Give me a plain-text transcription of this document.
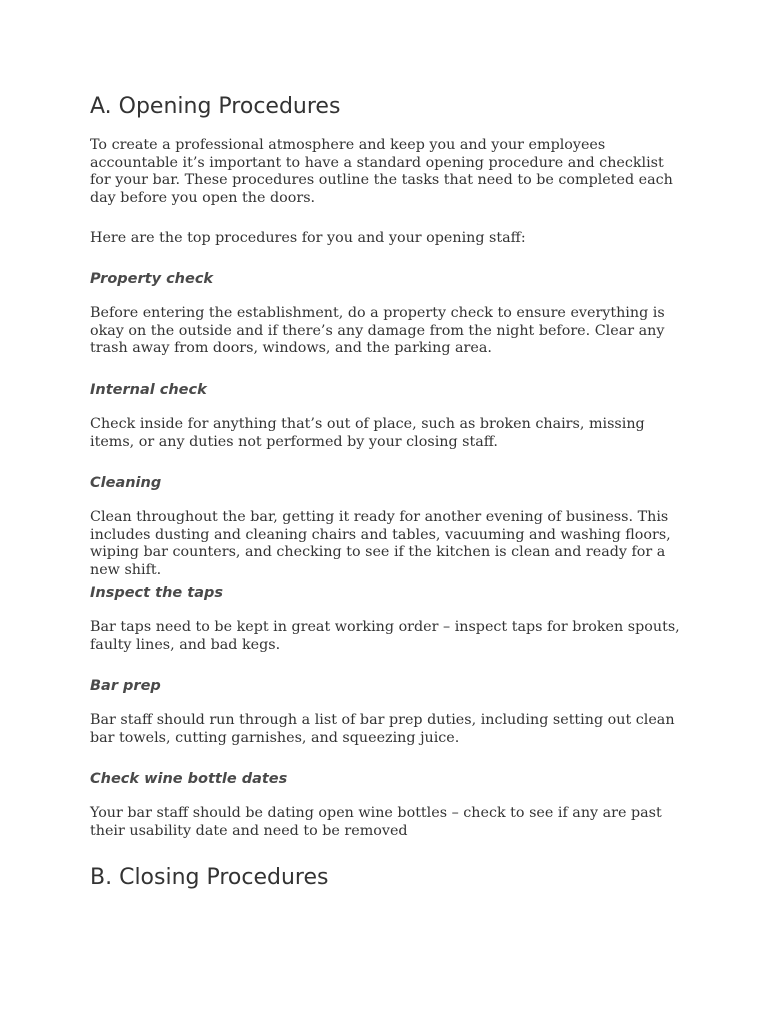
A. Opening Procedures

To create a professional atmosphere and keep you and your employees accountable it’s important to have a standard opening procedure and checklist for your bar. These procedures outline the tasks that need to be completed each day before you open the doors.

Here are the top procedures for you and your opening staff:

Property check

Before entering the establishment, do a property check to ensure everything is okay on the outside and if there’s any damage from the night before. Clear any trash away from doors, windows, and the parking area.

Internal check

Check inside for anything that’s out of place, such as broken chairs, missing items, or any duties not performed by your closing staff.

Cleaning

Clean throughout the bar, getting it ready for another evening of business. This includes dusting and cleaning chairs and tables, vacuuming and washing floors, wiping bar counters, and checking to see if the kitchen is clean and ready for a new shift.

Inspect the taps

Bar taps need to be kept in great working order – inspect taps for broken spouts, faulty lines, and bad kegs.

Bar prep

Bar staff should run through a list of bar prep duties, including setting out clean bar towels, cutting garnishes, and squeezing juice.

Check wine bottle dates

Your bar staff should be dating open wine bottles – check to see if any are past their usability date and need to be removed

B. Closing Procedures
